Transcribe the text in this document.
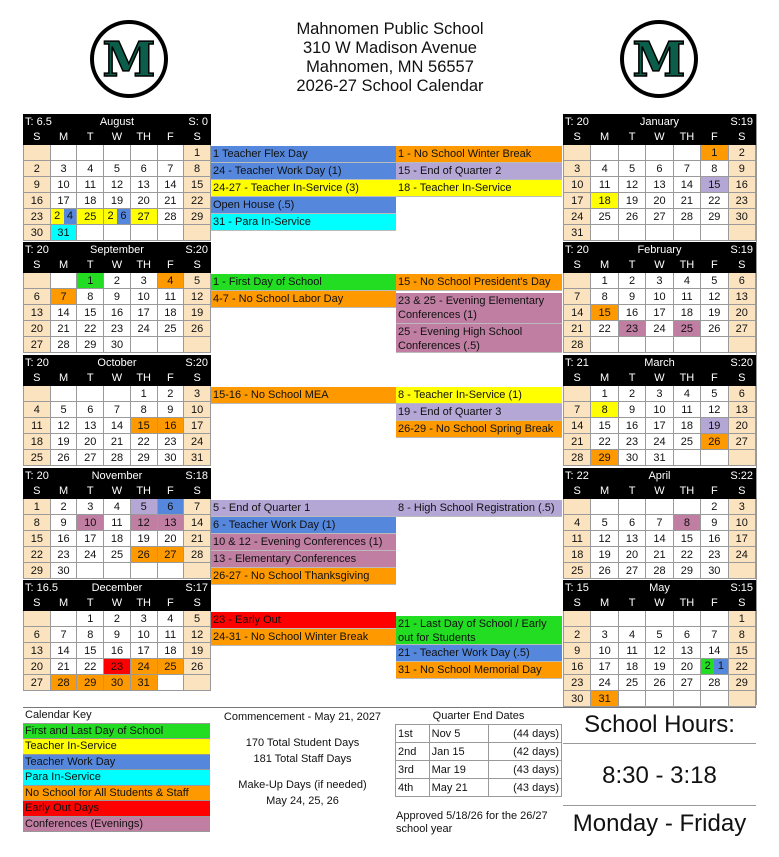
M
Mahnomen Public School
310 W Madison Avenue
Mahnomen, MN 56557
2026-27 School Calendar	M
T: 6.5		August			S: 0	
S	M	T	W	TH	F	S
						1
2	3	4	5	6	7	8
9	10	11	12	13	14	15
16	17	18	19	20	21	22
23	2 4	25	2 6	27	28	29
30	31					
T: 20		September			S:20	
S	M	T	W	TH	F	S
		1	2	3	4	5
6	7	8	9	10	11	12
13	14	15	16	17	18	19
20	21	22	23	24	25	26
27	28	29	30			
T: 20		October			S:20	
S	M	T	W	TH	F	S
				1	2	3
4	5	6	7	8	9	10
11	12	13	14	15	16	17
18	19	20	21	22	23	24
25	26	27	28	29	30	31
T: 20		November			S:18	
S	M	T	W	TH	F	S
1	2	3	4	5	6	7
8	9	10	11	12	13	14
15	16	17	18	19	20	21
22	23	24	25	26	27	28
29	30					
T: 16.5		December			S:17	
S	M	T	W	TH	F	S
		1	2	3	4	5
6	7	8	9	10	11	12
13	14	15	16	17	18	19
20	21	22	23	24	25	26
27	28	29	30	31		
T: 20		January			S:19	
S	M	T	W	TH	F	S
					1	2
3	4	5	6	7	8	9
10	11	12	13	14	15	16
17	18	19	20	21	22	23
24	25	26	27	28	29	30
31						
T: 20		February			S:19	
S	M	T	W	TH	F	S
	1	2	3	4	5	6
7	8	9	10	11	12	13
14	15	16	17	18	19	20
21	22	23	24	25	26	27
28						
T: 21		March			S:20	
S	M	T	W	TH	F	S
	1	2	3	4	5	6
7	8	9	10	11	12	13
14	15	16	17	18	19	20
21	22	23	24	25	26	27
28	29	30	31			
T: 22		April			S:22	
S	M	T	W	TH	F	S
					2	3
4	5	6	7	8	9	10
11	12	13	14	15	16	17
18	19	20	21	22	23	24
25	26	27	28	29	30	
T: 15		May			S:15	
S	M	T	W	TH	F	S
						1
2	3	4	5	6	7	8
9	10	11	12	13	14	15
16	17	18	19	20	2 1	22
23	24	25	26	27	28	29
30	31					
1 Teacher Flex Day
24 - Teacher Work Day (1)
24-27 - Teacher In-Service (3)
Open House (.5)
31 - Para In-Service
1 - No School Winter Break
15 - End of Quarter 2
18 - Teacher In-Service
1 - First Day of School
4-7 - No School Labor Day
15 - No School President's Day
23 & 25 - Evening Elementary Conferences (1)
25 - Evening High School Conferences (.5)
15-16 - No School MEA	8 - Teacher In-Service (1)
19 - End of Quarter 3
26-29 - No School Spring Break
5 - End of Quarter 1
6 - Teacher Work Day (1)
10 & 12 - Evening Conferences (1)
13 - Elementary Conferences
26-27 - No School Thanksgiving
8 - High School Registration (.5)
23 - Early Out
24-31 - No School Winter Break
21 - Last Day of School / Early out for Students
21 - Teacher Work Day (.5)
31 - No School Memorial Day
Calendar Key
First and Last Day of School
Teacher In-Service
Teacher Work Day
Para In-Service
No School for All Students & Staff
Early Out Days
Conferences (Evenings)
Commencement - May 21, 2027
170 Total Student Days
181 Total Staff Days
Make-Up Days (if needed)
May 24, 25, 26
Quarter End Dates
1st	Nov 5	(44 days)
2nd	Jan 15	(42 days)
3rd	Mar 19	(43 days)
4th	May 21	(43 days)
Approved 5/18/26 for the 26/27 school year
School Hours:
8:30 - 3:18
Monday - Friday
